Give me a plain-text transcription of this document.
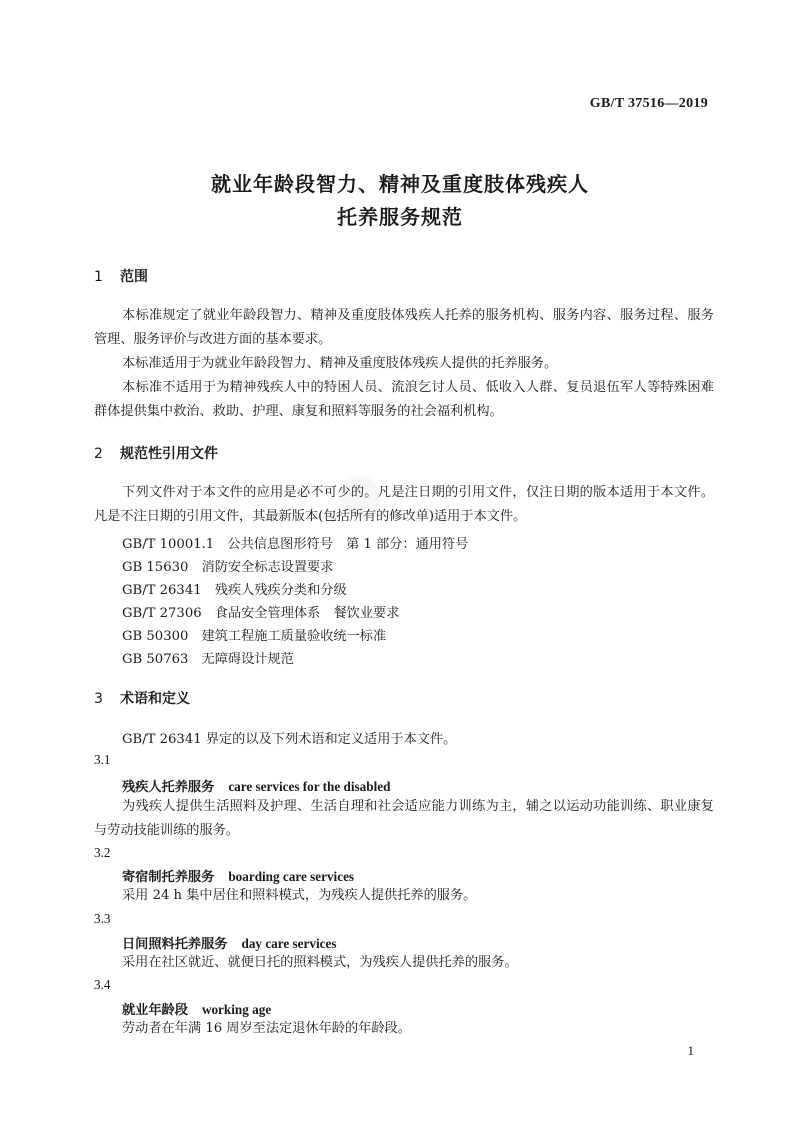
GB/T 37516—2019
就业年龄段智力、精神及重度肢体残疾人
托养服务规范
1 范围
本标准规定了就业年龄段智力、精神及重度肢体残疾人托养的服务机构、服务内容、服务过程、服务管理、服务评价与改进方面的基本要求。
本标准适用于为就业年龄段智力、精神及重度肢体残疾人提供的托养服务。
本标准不适用于为精神残疾人中的特困人员、流浪乞讨人员、低收入人群、复员退伍军人等特殊困难群体提供集中救治、救助、护理、康复和照料等服务的社会福利机构。
2 规范性引用文件
下列文件对于本文件的应用是必不可少的。凡是注日期的引用文件，仅注日期的版本适用于本文件。凡是不注日期的引用文件，其最新版本(包括所有的修改单)适用于本文件。
GB/T 10001.1　公共信息图形符号　第 1 部分：通用符号
GB 15630　消防安全标志设置要求
GB/T 26341　残疾人残疾分类和分级
GB/T 27306　食品安全管理体系　餐饮业要求
GB 50300　建筑工程施工质量验收统一标准
GB 50763　无障碍设计规范
3 术语和定义
GB/T 26341 界定的以及下列术语和定义适用于本文件。
3.1
残疾人托养服务 care services for the disabled
为残疾人提供生活照料及护理、生活自理和社会适应能力训练为主，辅之以运动功能训练、职业康复与劳动技能训练的服务。
3.2
寄宿制托养服务 boarding care services
采用 24 h 集中居住和照料模式，为残疾人提供托养的服务。
3.3
日间照料托养服务 day care services
采用在社区就近、就便日托的照料模式，为残疾人提供托养的服务。
3.4
就业年龄段 working age
劳动者在年满 16 周岁至法定退休年龄的年龄段。
1
